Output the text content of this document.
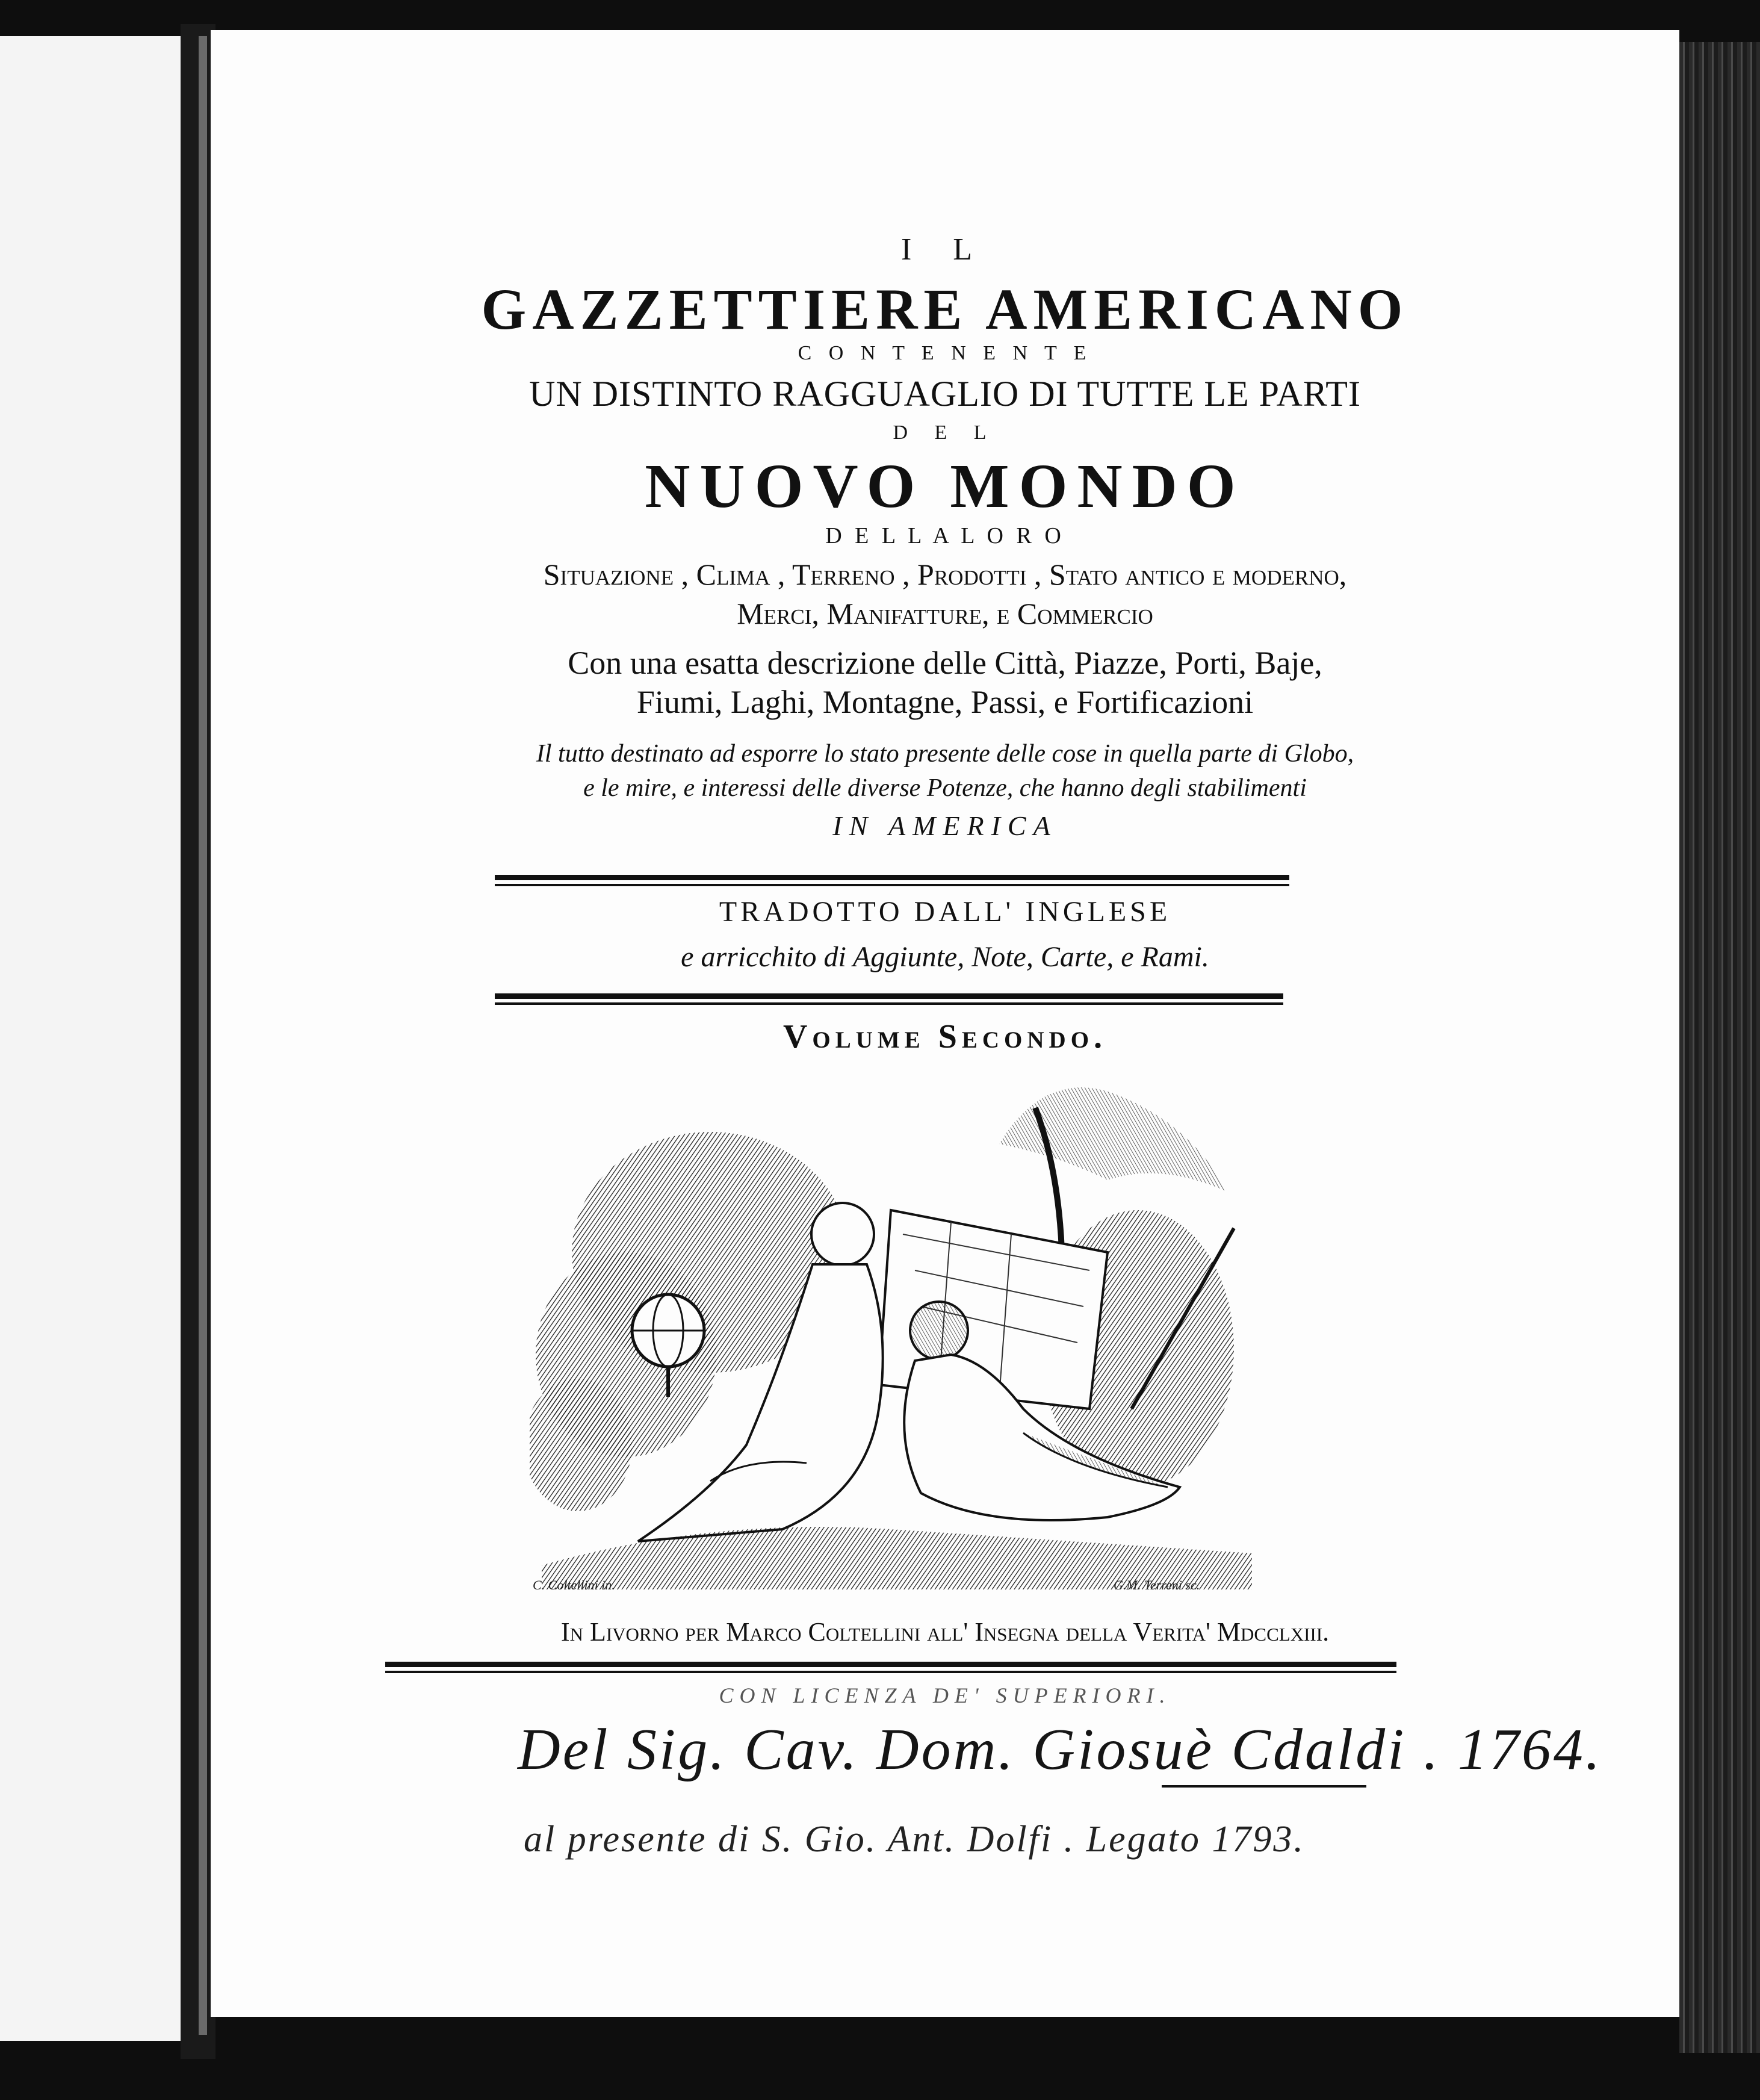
I L
GAZZETTIERE AMERICANO
C O N T E N E N T E
UN DISTINTO RAGGUAGLIO DI TUTTE LE PARTI
D E L
NUOVO MONDO
D E L L A L O R O
Situazione , Clima , Terreno , Prodotti , Stato antico e moderno,
Merci, Manifatture, e Commercio
Con una esatta descrizione delle Città, Piazze, Porti, Baje,
Fiumi, Laghi, Montagne, Passi, e Fortificazioni
Il tutto destinato ad esporre lo stato presente delle cose in quella parte di Globo,
e le mire, e interessi delle diverse Potenze, che hanno degli stabilimenti
IN AMERICA
TRADOTTO DALL' INGLESE
e arricchito di Aggiunte, Note, Carte, e Rami.
Volume Secondo.
C. Coltellini in.	G.M. Terreni sc.
In Livorno per Marco Coltellini all' Insegna della Verita' Mdcclxiii.
CON LICENZA DE' SUPERIORI.
Del Sig. Cav. Dom. Giosuè Cdaldi . 1764.
al presente di S. Gio. Ant. Dolfi . Legato 1793.
